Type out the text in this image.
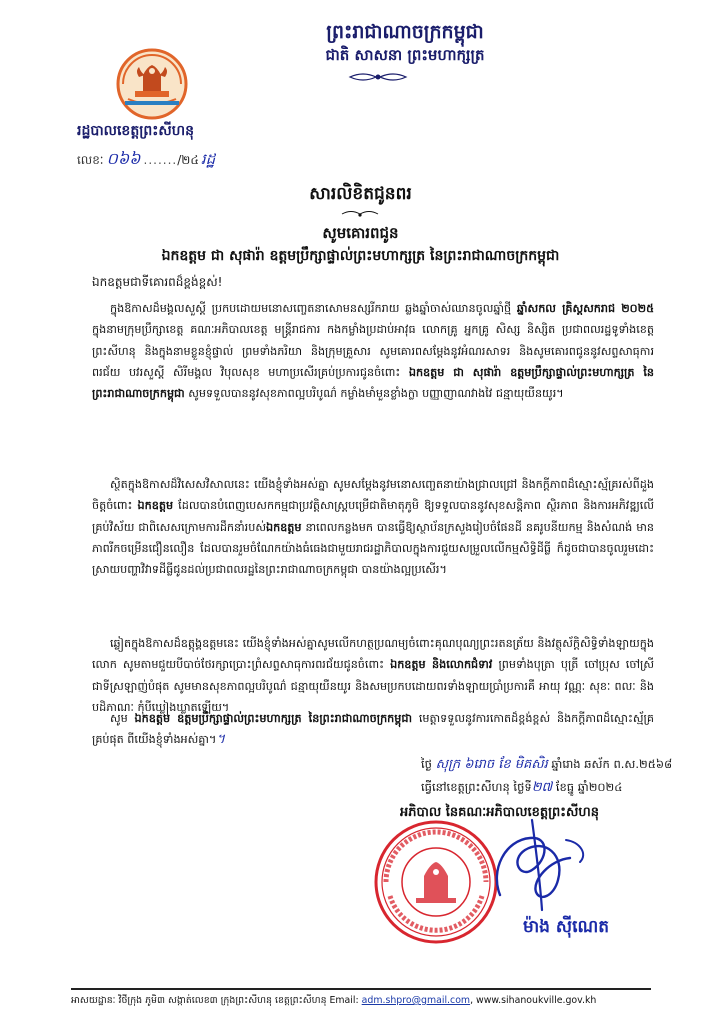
ព្រះរាជាណាចក្រកម្ពុជា
ជាតិ សាសនា ព្រះមហាក្សត្រ
រដ្ឋបាលខេត្តព្រះសីហនុ
លេខៈ ០៦៦ ......./២៤ រដ្ឋ
សារលិខិតជូនពរ
សូមគោរពជូន
ឯកឧត្តម ជា សុផារ៉ា ឧត្តមប្រឹក្សាផ្ទាល់ព្រះមហាក្សត្រ នៃព្រះរាជាណាចក្រកម្ពុជា
ឯកឧត្តមជាទីគោរពដ៏ខ្ពង់ខ្ពស់!

ក្នុងឱកាសដ៏មង្គលសួស្តី ប្រកបដោយមនោសញ្ចេតនាសោមនស្សរីករាយ ឆ្លងឆ្នាំចាស់ឈានចូលឆ្នាំថ្មី ឆ្នាំសកល គ្រិស្តសករាជ ២០២៥ ក្នុងនាមក្រុមប្រឹក្សាខេត្ត គណៈអភិបាលខេត្ត មន្ត្រីរាជការ កងកម្លាំងប្រដាប់អាវុធ លោកគ្រូ អ្នកគ្រូ សិស្ស និស្សិត ប្រជាពលរដ្ឋទូទាំងខេត្តព្រះសីហនុ និងក្នុងនាមខ្លួនខ្ញុំផ្ទាល់ ព្រមទាំងភរិយា និងក្រុមគ្រួសារ សូមគោរពសម្តែងនូវអំណរសាទរ និងសូមគោរពជូននូវសព្ទសាធុការពរជ័យ បវរសួស្តី សិរីមង្គល វិបុលសុខ មហាប្រសើរគ្រប់ប្រការជូនចំពោះ ឯកឧត្តម ជា សុផារ៉ា ឧត្តមប្រឹក្សាផ្ទាល់ព្រះមហាក្សត្រ នៃព្រះរាជាណាចក្រកម្ពុជា សូមទទួលបាននូវសុខភាពល្អបរិបូណ៌ កម្លាំងមាំមួនខ្លាំងក្លា បញ្ញាញាណវាងវៃ ជន្មាយុយឺនយូរ។

ស្ថិតក្នុងឱកាសដ៏វិសេសវិសាលនេះ យើងខ្ញុំទាំងអស់គ្នា សូមសម្តែងនូវមនោសញ្ចេតនាយ៉ាងជ្រាលជ្រៅ និងកក្តីភាពដ៏ស្មោះស្ម័គ្ររស់ពីដួងចិត្តចំពោះ ឯកឧត្តម ដែលបានបំពេញបេសកកម្មជាប្រវត្តិសាស្ត្របម្រើជាតិមាតុភូមិ ឱ្យទទួលបាននូវសុខសន្តិភាព ស្ថិរភាព និងការអភិវឌ្ឍលើគ្រប់វិស័យ ជាពិសេសក្រោមការដឹកនាំរបស់ឯកឧត្តម នាពេលកន្លងមក បានធ្វើឱ្យស្ថាប័នក្រសួងរៀបចំផែនដី នគរូបនីយកម្ម និងសំណង់ មានភាពរីកចម្រើនជឿនលឿន ដែលបានរួមចំណែកយ៉ាងធំធេងជាមួយរាជរដ្ឋាភិបាលក្នុងការជួយសម្រួលលើកម្មសិទ្ធិដីធ្លី ក៏ដូចជាបានចូលរួមដោះស្រាយបញ្ហាវិវាទដីធ្លីជូនដល់ប្រជាពលរដ្ឋនៃព្រះរាជាណាចក្រកម្ពុជា បានយ៉ាងល្អប្រសើរ។

ឆ្លៀតក្នុងឱកាសដ៏ឧត្តុង្គឧត្តមនេះ យើងខ្ញុំទាំងអស់គ្នាសូមលើកហត្ថប្រណម្យចំពោះគុណបុណ្យព្រះរតនត្រ័យ និងវត្ថុស័ក្តិសិទ្ធិទាំងឡាយក្នុងលោក សូមតាមជួយបីបាច់ថែរក្សាប្រោះព្រំសព្ទសាធុការពរជ័យជូនចំពោះ ឯកឧត្តម និងលោកជំទាវ ព្រមទាំងបុត្រា បុត្រី ចៅប្រុស ចៅស្រីជាទីស្រឡាញ់បំផុត សូមមានសុខភាពល្អបរិបូណ៌ ជន្មាយុយឺនយូរ និងសមប្រកបដោយពរទាំងឡាយប្រាំប្រការគឺ អាយុ វណ្ណៈ សុខៈ ពលៈ និងបដិភាណៈ កុំបីឃ្លៀងឃ្លាតឡើយ។

សូម ឯកឧត្តម ឧត្តមប្រឹក្សាផ្ទាល់ព្រះមហាក្សត្រ នៃព្រះរាជាណាចក្រកម្ពុជា មេត្តាទទួលនូវការកោតដ៏ខ្ពង់ខ្ពស់ និងកក្តីភាពដ៏ស្មោះស្ម័គ្រគ្រប់ផុត ពីយើងខ្ញុំទាំងអស់គ្នា។។

ថ្ងៃ សុក្រ ៦រោច ខែ មិគសិរ ឆ្នាំរោង ឆស័ក ព.ស.២៥៦៨
ធ្វើនៅខេត្តព្រះសីហនុ ថ្ងៃទី២៧ ខែធ្នូ ឆ្នាំ២០២៤
អភិបាល នៃគណៈអភិបាលខេត្តព្រះសីហនុ
ម៉ាង ស៊ីណេត
អាសយដ្ឋានៈ វិថីក្រុង ភូមិ៣ សង្កាត់លេខ៣ ក្រុងព្រះសីហនុ ខេត្តព្រះសីហនុ Email: adm.shpro@gmail.com, www.sihanoukville.gov.kh
